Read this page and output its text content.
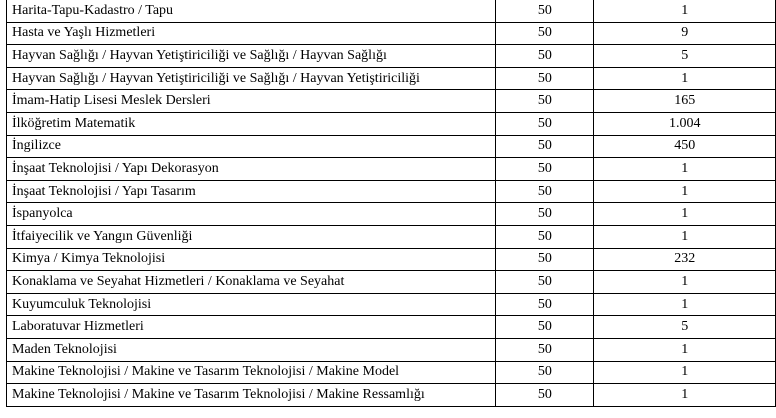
Harita-Tapu-Kadastro / Tapu	50	1
Hasta ve Yaşlı Hizmetleri	50	9
Hayvan Sağlığı / Hayvan Yetiştiriciliği ve Sağlığı / Hayvan Sağlığı	50	5
Hayvan Sağlığı / Hayvan Yetiştiriciliği ve Sağlığı / Hayvan Yetiştiriciliği	50	1
İmam-Hatip Lisesi Meslek Dersleri	50	165
İlköğretim Matematik	50	1.004
İngilizce	50	450
İnşaat Teknolojisi / Yapı Dekorasyon	50	1
İnşaat Teknolojisi / Yapı Tasarım	50	1
İspanyolca	50	1
İtfaiyecilik ve Yangın Güvenliği	50	1
Kimya / Kimya Teknolojisi	50	232
Konaklama ve Seyahat Hizmetleri / Konaklama ve Seyahat	50	1
Kuyumculuk Teknolojisi	50	1
Laboratuvar Hizmetleri	50	5
Maden Teknolojisi	50	1
Makine Teknolojisi / Makine ve Tasarım Teknolojisi / Makine Model	50	1
Makine Teknolojisi / Makine ve Tasarım Teknolojisi / Makine Ressamlığı	50	1
